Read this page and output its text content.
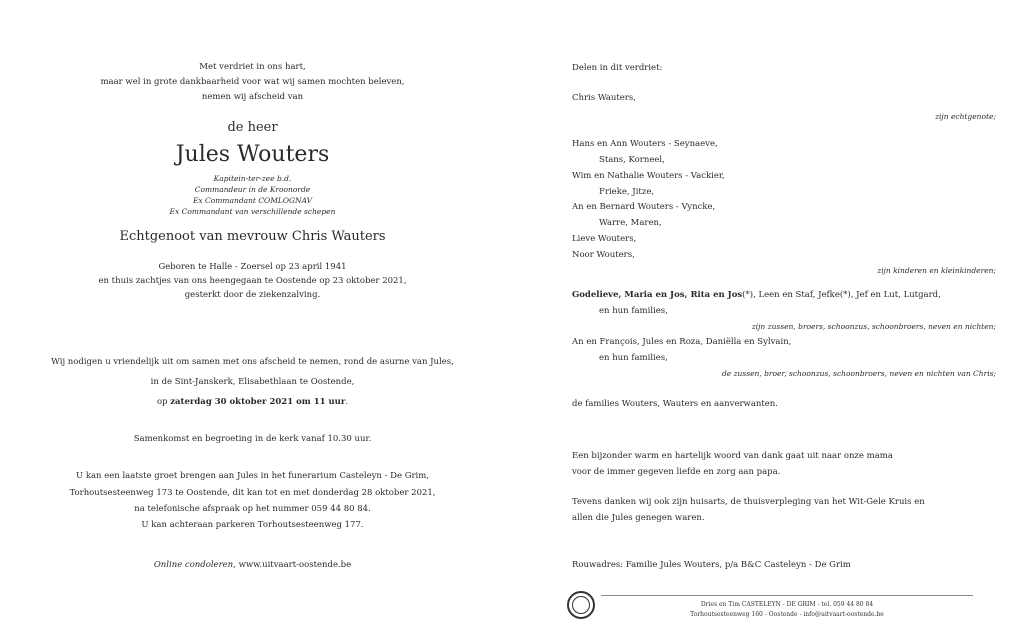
Met verdriet in ons hart,
maar wel in grote dankbaarheid voor wat wij samen mochten beleven,
nemen wij afscheid van
de heer
Jules Wouters
Kapitein-ter-zee b.d.
Commandeur in de Kroonorde
Ex Commandant COMLOGNAV
Ex Commandant van verschillende schepen
Echtgenoot van mevrouw Chris Wauters
Geboren te Halle - Zoersel op 23 april 1941
en thuis zachtjes van ons heengegaan te Oostende op 23 oktober 2021,
gesterkt door de ziekenzalving.
Wij nodigen u vriendelijk uit om samen met ons afscheid te nemen, rond de asurne van Jules,
in de Sint-Janskerk, Elisabethlaan te Oostende,
op zaterdag 30 oktober 2021 om 11 uur.
Samenkomst en begroeting in de kerk vanaf 10.30 uur.
U kan een laatste groet brengen aan Jules in het funerarium Casteleyn - De Grim,
Torhoutsesteenweg 173 te Oostende, dit kan tot en met donderdag 28 oktober 2021,
na telefonische afspraak op het nummer 059 44 80 84.
U kan achteraan parkeren Torhoutsesteenweg 177.
Online condoleren, www.uitvaart-oostende.be
Delen in dit verdriet:
Chris Wauters,
zijn echtgenote;
Hans en Ann Wouters - Seynaeve,
Stans, Korneel,
Wim en Nathalie Wouters - Vackier,
Frieke, Jitze,
An en Bernard Wouters - Vyncke,
Warre, Maren,
Lieve Wouters,
Noor Wouters,
zijn kinderen en kleinkinderen;
Godelieve, Maria en Jos, Rita en Jos(*), Leen en Staf, Jefke(*), Jef en Lut, Lutgard,
en hun families,
zijn zussen, broers, schoonzus, schoonbroers, neven en nichten;
An en François, Jules en Roza, Daniëlla en Sylvain,
en hun families,
de zussen, broer, schoonzus, schoonbroers, neven en nichten van Chris;
de families Wouters, Wauters en aanverwanten.
Een bijzonder warm en hartelijk woord van dank gaat uit naar onze mama
voor de immer gegeven liefde en zorg aan papa.
Tevens danken wij ook zijn huisarts, de thuisverpleging van het Wit-Gele Kruis en
allen die Jules genegen waren.
Rouwadres: Familie Jules Wouters, p/a B&C Casteleyn - De Grim
Dries en Tim CASTELEYN - DE GRIM - tel. 059 44 80 84
Torhoutsesteenweg 160 - Oostende - info@uitvaart-oostende.be
